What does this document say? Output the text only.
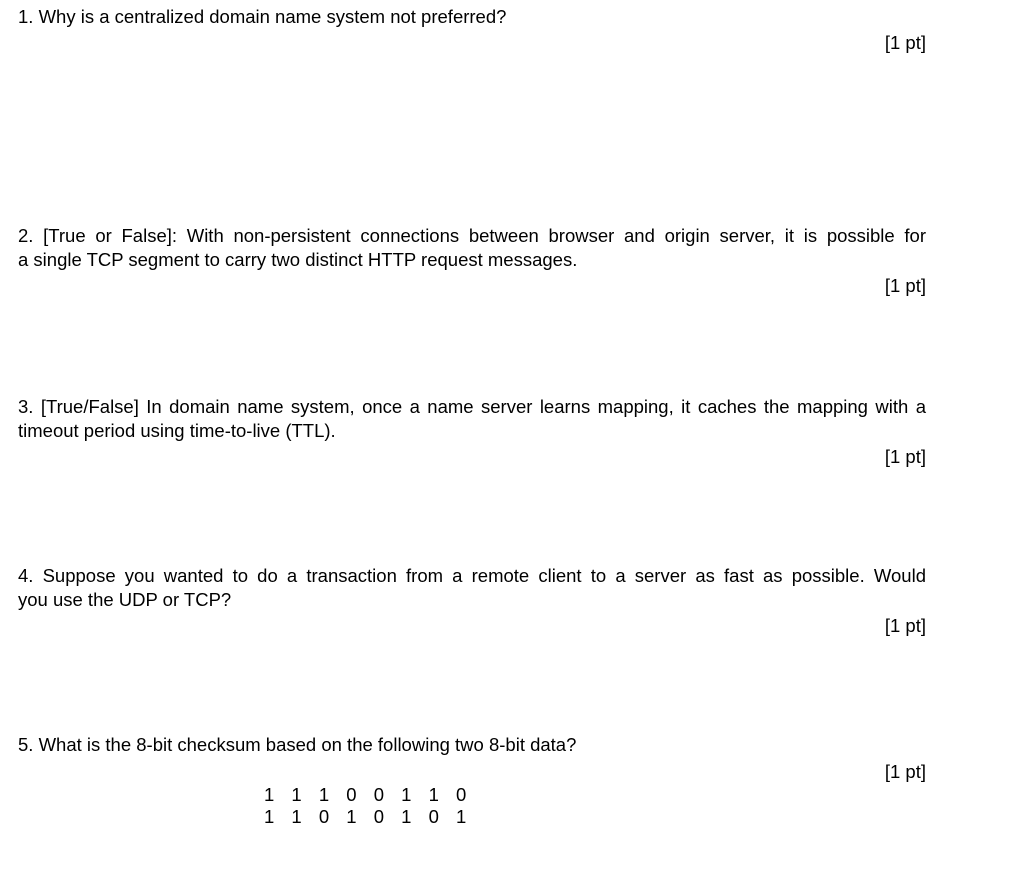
1. Why is a centralized domain name system not preferred?
[1 pt]
2. [True or False]: With non-persistent connections between browser and origin server, it is possible for
a single TCP segment to carry two distinct HTTP request messages.
[1 pt]
3. [True/False] In domain name system, once a name server learns mapping, it caches the mapping with a
timeout period using time-to-live (TTL).
[1 pt]
4. Suppose you wanted to do a transaction from a remote client to a server as fast as possible. Would
you use the UDP or TCP?
[1 pt]
5. What is the 8-bit checksum based on the following two 8-bit data?
[1 pt]
1 1 1 0 0 1 1 0
1 1 0 1 0 1 0 1
